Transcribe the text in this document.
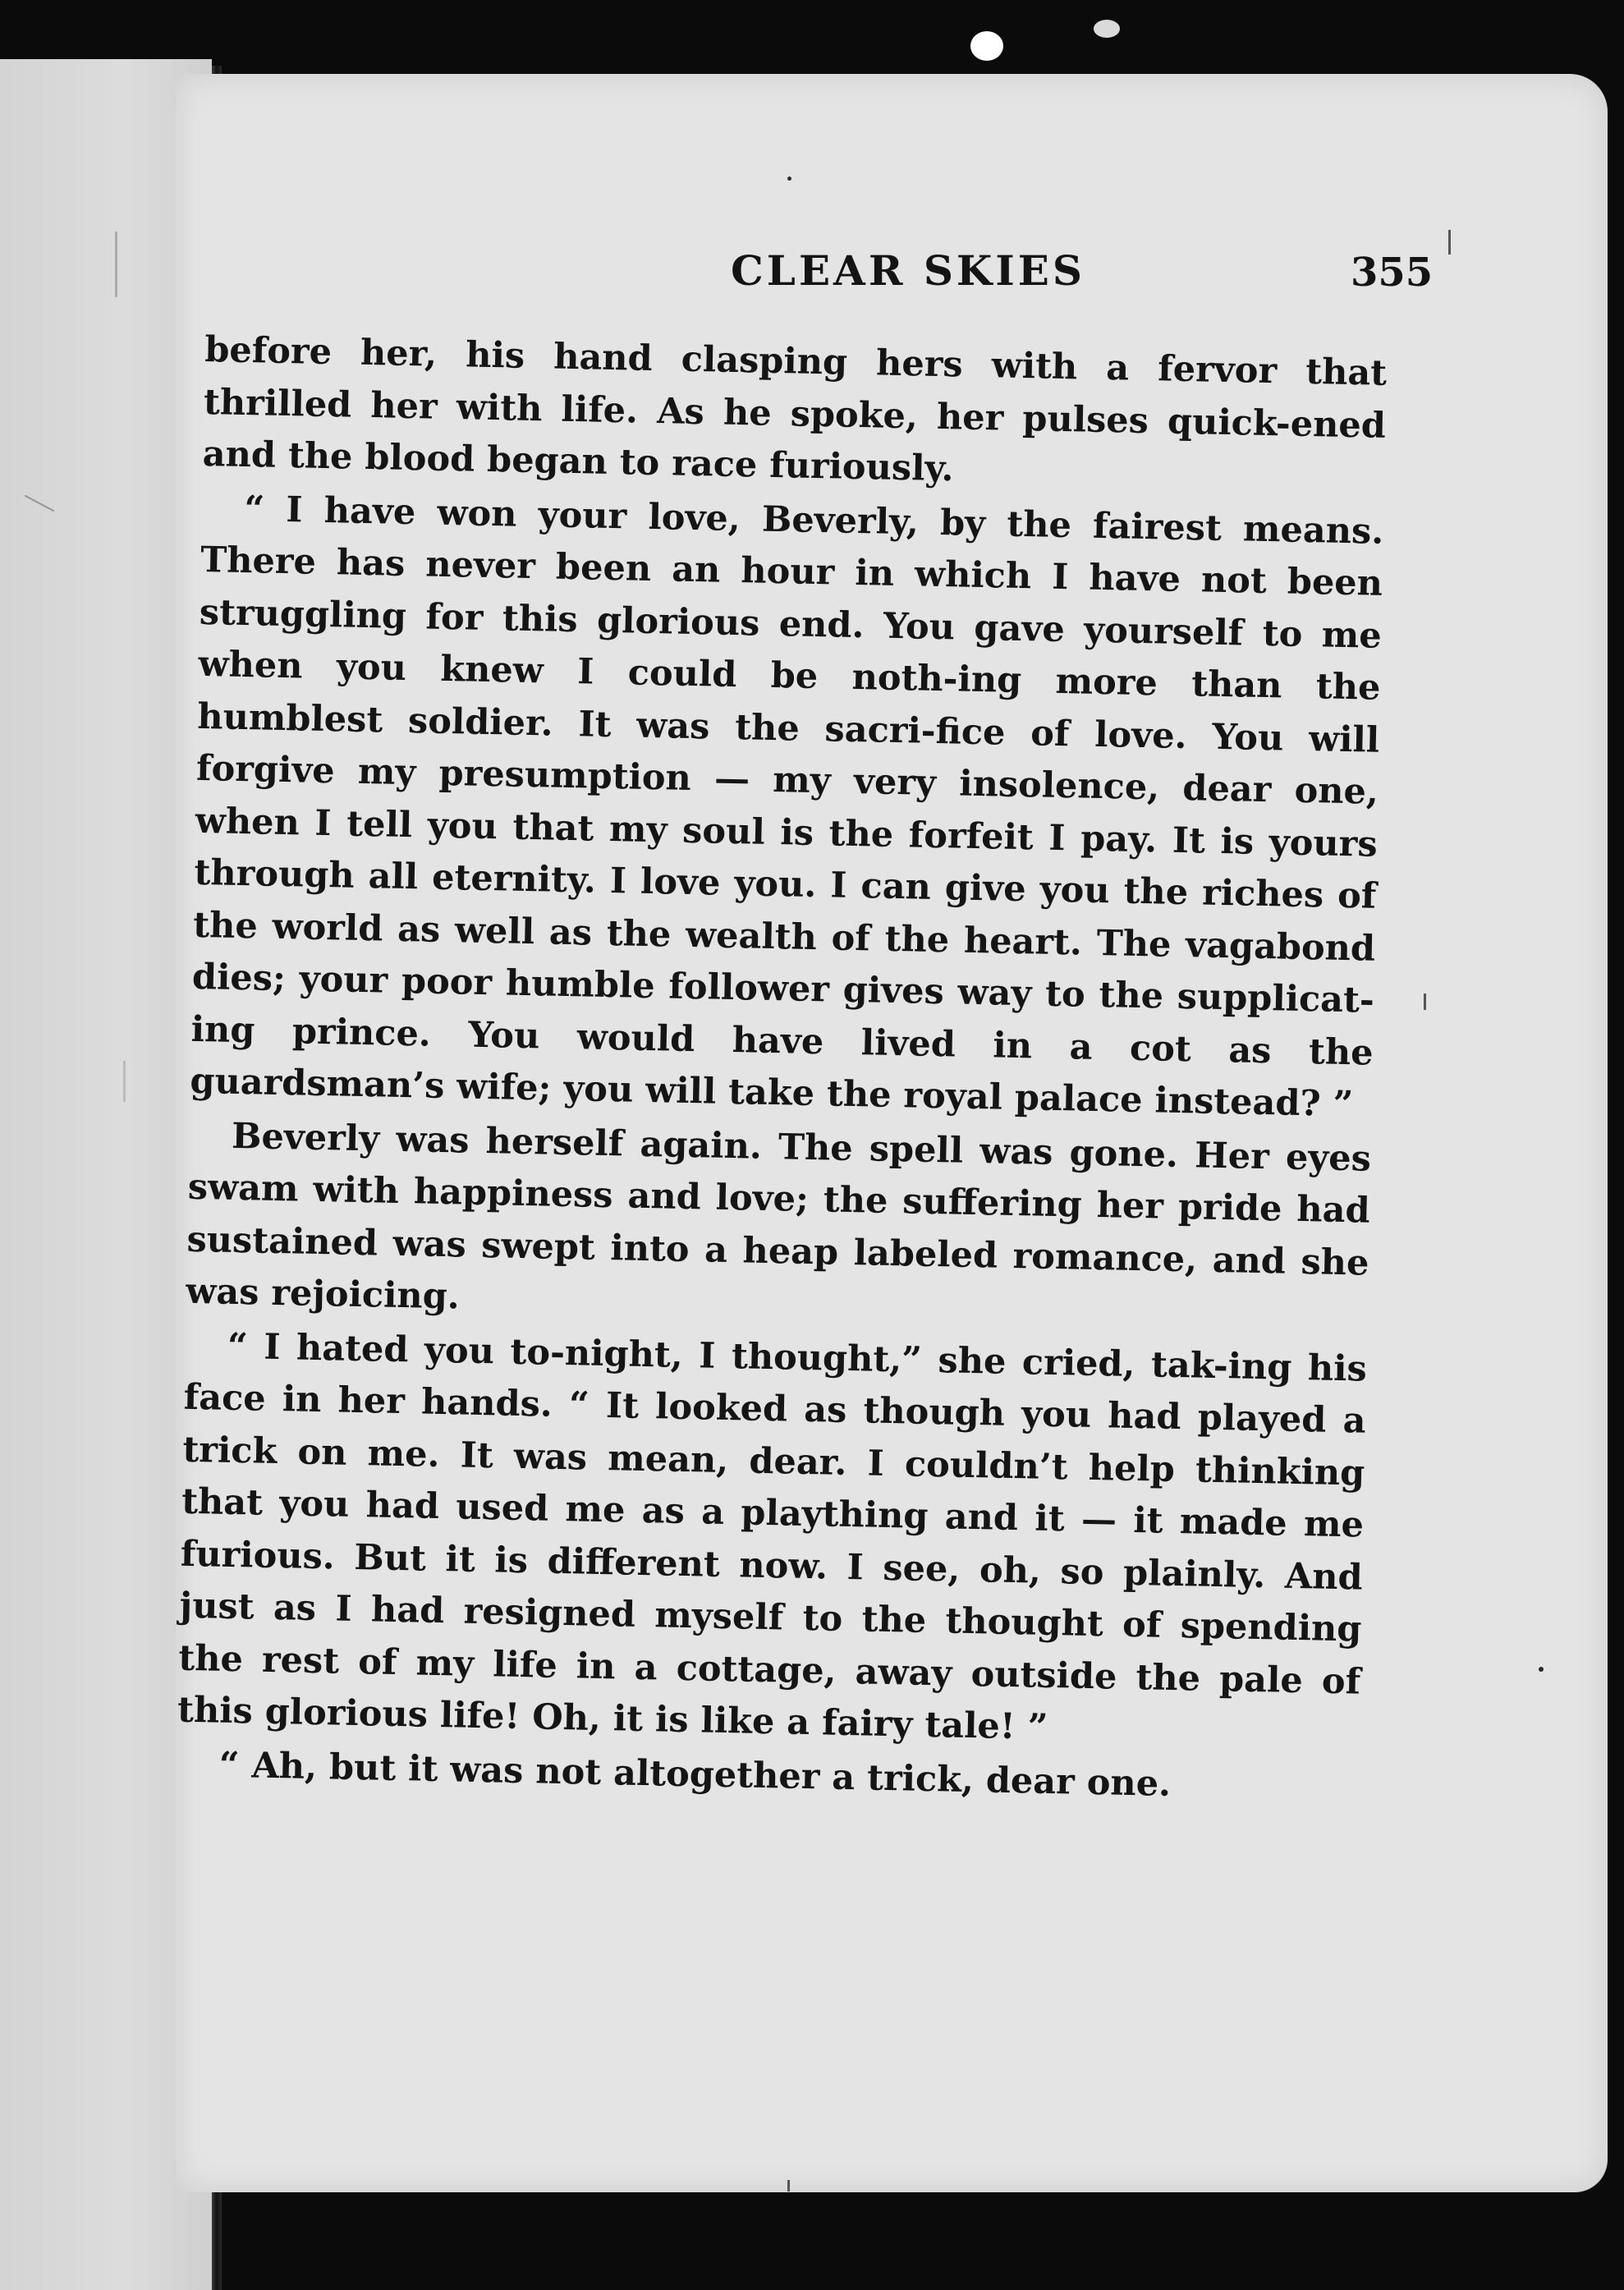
CLEAR SKIES	355

before her, his hand clasping hers with a fervor that thrilled her with life. As he spoke, her pulses quick-ened and the blood began to race furiously.

“ I have won your love, Beverly, by the fairest means. There has never been an hour in which I have not been struggling for this glorious end. You gave yourself to me when you knew I could be noth-ing more than the humblest soldier. It was the sacri-fice of love. You will forgive my presumption — my very insolence, dear one, when I tell you that my soul is the forfeit I pay. It is yours through all eternity. I love you. I can give you the riches of the world as well as the wealth of the heart. The vagabond dies; your poor humble follower gives way to the supplicat-ing prince. You would have lived in a cot as the guardsman’s wife; you will take the royal palace instead? ”

Beverly was herself again. The spell was gone. Her eyes swam with happiness and love; the suffering her pride had sustained was swept into a heap labeled romance, and she was rejoicing.

“ I hated you to-night, I thought,” she cried, tak-ing his face in her hands. “ It looked as though you had played a trick on me. It was mean, dear. I couldn’t help thinking that you had used me as a plaything and it — it made me furious. But it is different now. I see, oh, so plainly. And just as I had resigned myself to the thought of spending the rest of my life in a cottage, away outside the pale of this glorious life! Oh, it is like a fairy tale! ”

“ Ah, but it was not altogether a trick, dear one.
